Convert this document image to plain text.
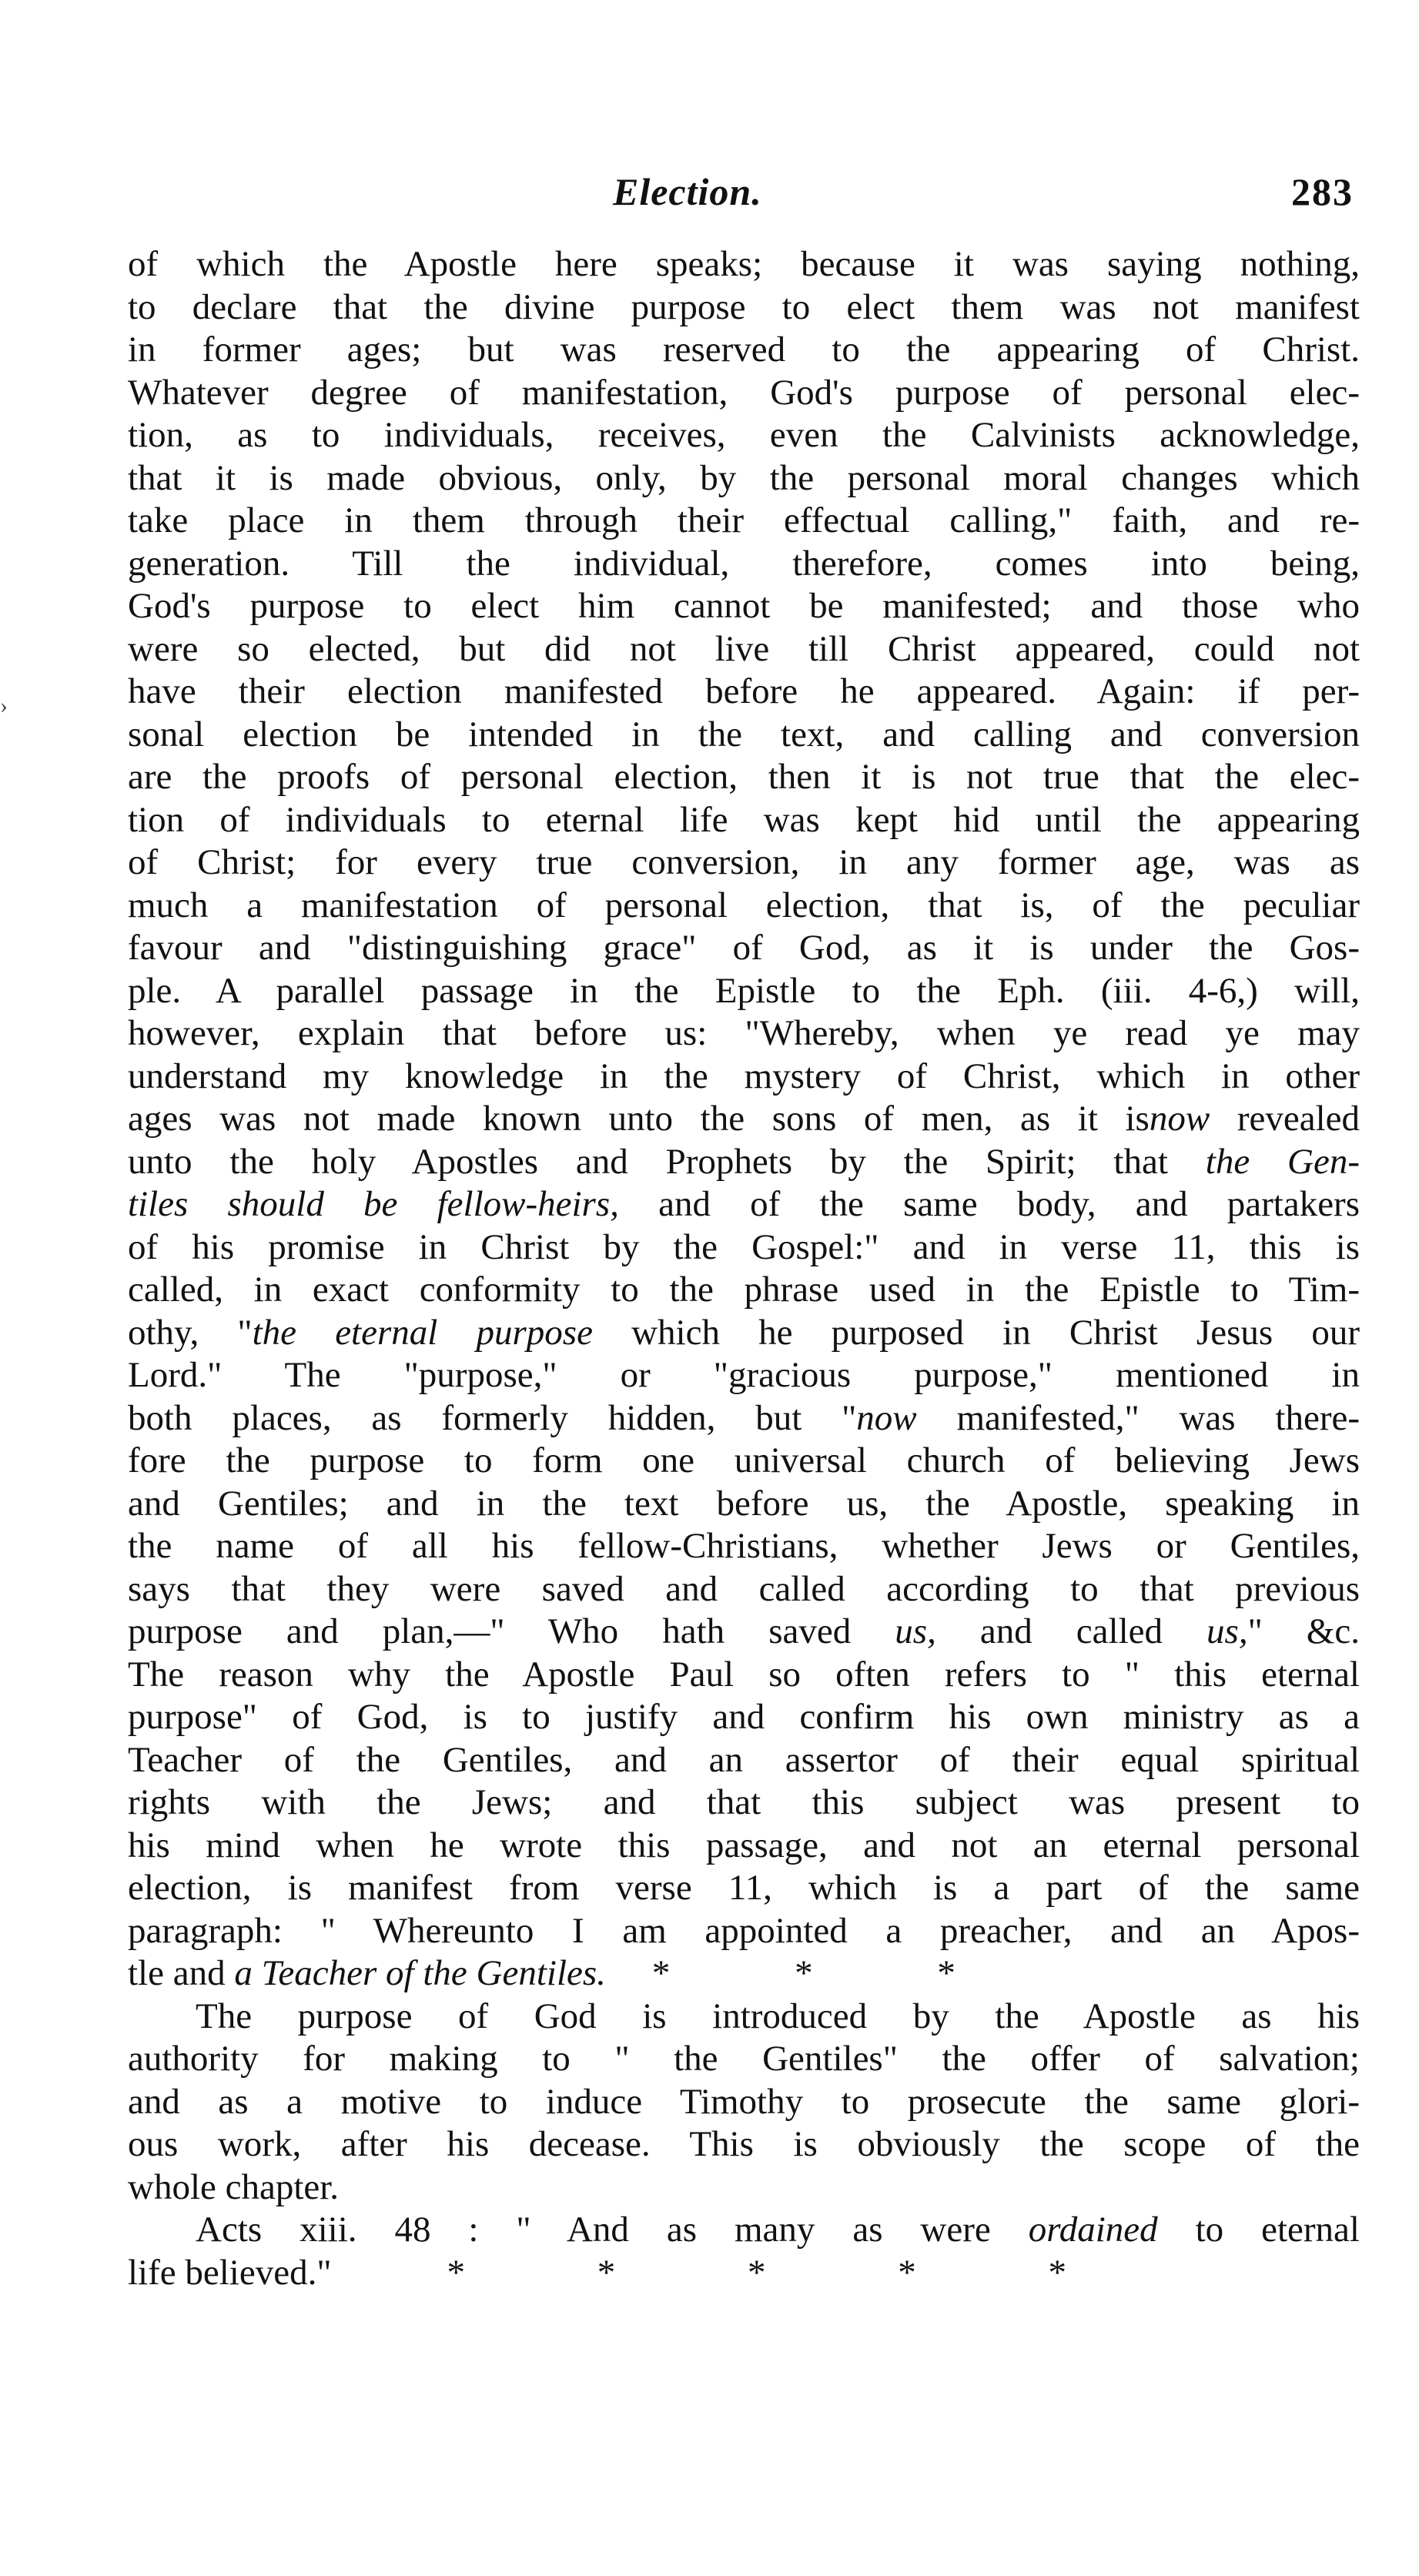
Election.	283
›
of which the Apostle here speaks; because it was saying nothing,
to declare that the divine purpose to elect them was not manifest
in former ages; but was reserved to the appearing of Christ.
Whatever degree of manifestation, God's purpose of personal elec-
tion, as to individuals, receives, even the Calvinists acknowledge,
that it is made obvious, only, by the personal moral changes which
take place in them through their effectual calling," faith, and re-
generation. Till the individual, therefore, comes into being,
God's purpose to elect him cannot be manifested; and those who
were so elected, but did not live till Christ appeared, could not
have their election manifested before he appeared. Again: if per-
sonal election be intended in the text, and calling and conversion
are the proofs of personal election, then it is not true that the elec-
tion of individuals to eternal life was kept hid until the appearing
of Christ; for every true conversion, in any former age, was as
much a manifestation of personal election, that is, of the peculiar
favour and "distinguishing grace" of God, as it is under the Gos-
ple. A parallel passage in the Epistle to the Eph. (iii. 4-6,) will,
however, explain that before us: "Whereby, when ye read ye may
understand my knowledge in the mystery of Christ, which in other
ages was not made known unto the sons of men, as it isnow revealed
unto the holy Apostles and Prophets by the Spirit; that the Gen-
tiles should be fellow-heirs, and of the same body, and partakers
of his promise in Christ by the Gospel:" and in verse 11, this is
called, in exact conformity to the phrase used in the Epistle to Tim-
othy, "the eternal purpose which he purposed in Christ Jesus our
Lord." The "purpose," or "gracious purpose," mentioned in
both places, as formerly hidden, but "now manifested," was there-
fore the purpose to form one universal church of believing Jews
and Gentiles; and in the text before us, the Apostle, speaking in
the name of all his fellow-Christians, whether Jews or Gentiles,
says that they were saved and called according to that previous
purpose and plan,—" Who hath saved us, and called us," &c.
The reason why the Apostle Paul so often refers to " this eternal
purpose" of God, is to justify and confirm his own ministry as a
Teacher of the Gentiles, and an assertor of their equal spiritual
rights with the Jews; and that this subject was present to
his mind when he wrote this passage, and not an eternal personal
election, is manifest from verse 11, which is a part of the same
paragraph: " Whereunto I am appointed a preacher, and an Apos-
tle and a Teacher of the Gentiles. * * *
The purpose of God is introduced by the Apostle as his
authority for making to " the Gentiles" the offer of salvation;
and as a motive to induce Timothy to prosecute the same glori-
ous work, after his decease. This is obviously the scope of the
whole chapter.
Acts xiii. 48 : " And as many as were ordained to eternal
life believed."	* * * * *
